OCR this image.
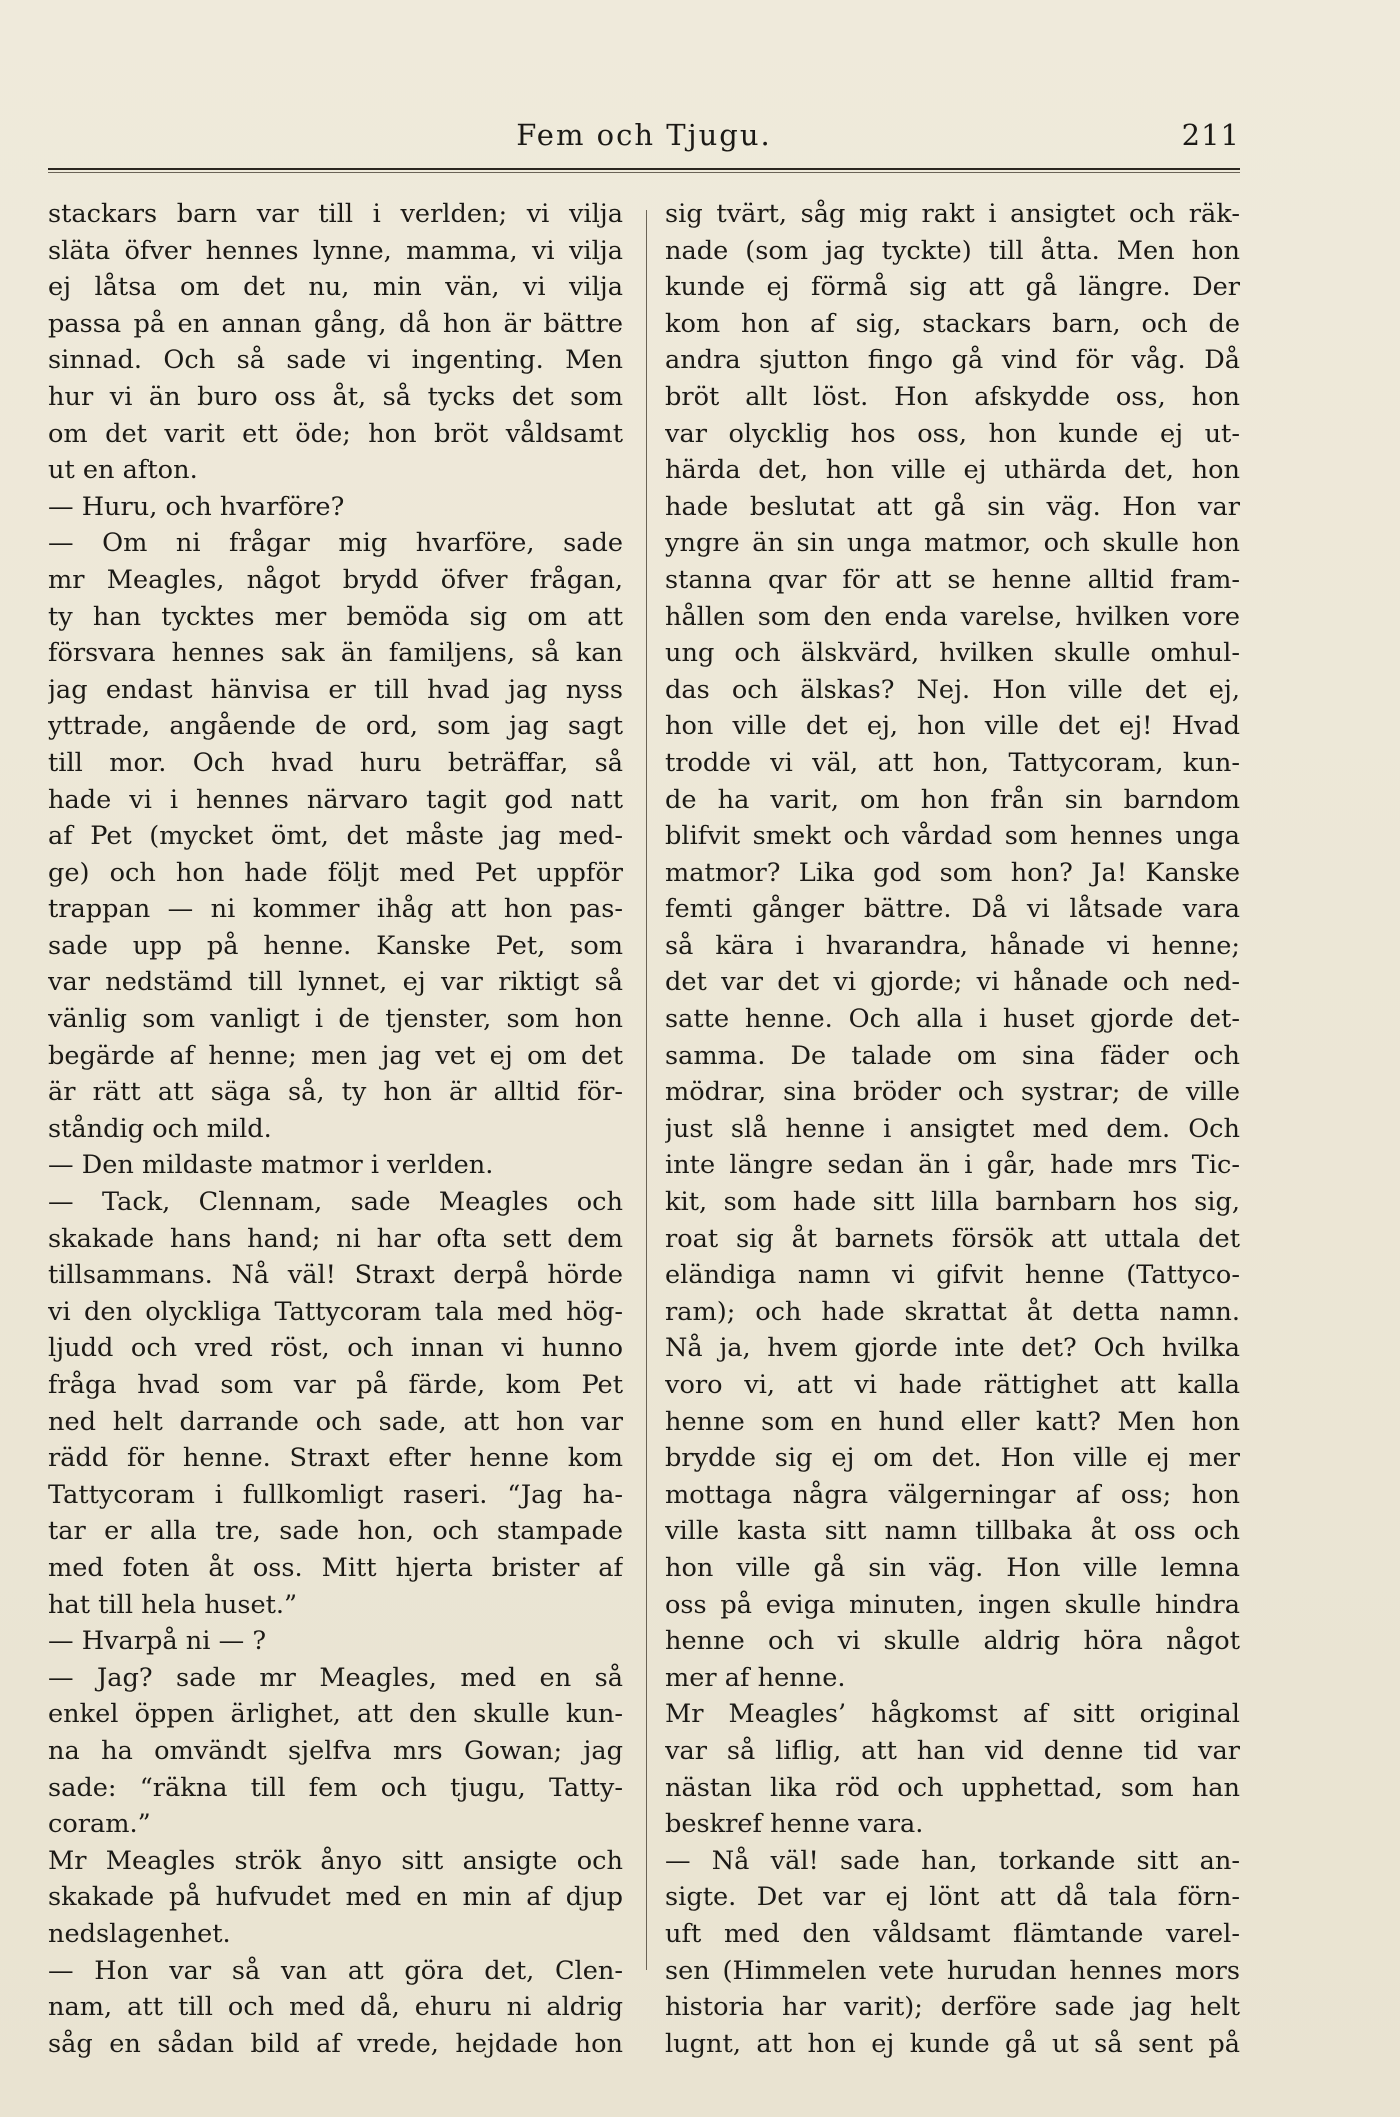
Fem och Tjugu.	211
stackars barn var till i verlden; vi vilja
släta öfver hennes lynne, mamma, vi vilja
ej låtsa om det nu, min vän, vi vilja
passa på en annan gång, då hon är bättre
sinnad. Och så sade vi ingenting. Men
hur vi än buro oss åt, så tycks det som
om det varit ett öde; hon bröt våldsamt
ut en afton.
— Huru, och hvarföre?
— Om ni frågar mig hvarföre, sade
mr Meagles, något brydd öfver frågan,
ty han tycktes mer bemöda sig om att
försvara hennes sak än familjens, så kan
jag endast hänvisa er till hvad jag nyss
yttrade, angående de ord, som jag sagt
till mor. Och hvad huru beträffar, så
hade vi i hennes närvaro tagit god natt
af Pet (mycket ömt, det måste jag med-
ge) och hon hade följt med Pet uppför
trappan — ni kommer ihåg att hon pas-
sade upp på henne. Kanske Pet, som
var nedstämd till lynnet, ej var riktigt så
vänlig som vanligt i de tjenster, som hon
begärde af henne; men jag vet ej om det
är rätt att säga så, ty hon är alltid för-
ståndig och mild.
— Den mildaste matmor i verlden.
— Tack, Clennam, sade Meagles och
skakade hans hand; ni har ofta sett dem
tillsammans. Nå väl! Straxt derpå hörde
vi den olyckliga Tattycoram tala med hög-
ljudd och vred röst, och innan vi hunno
fråga hvad som var på färde, kom Pet
ned helt darrande och sade, att hon var
rädd för henne. Straxt efter henne kom
Tattycoram i fullkomligt raseri. “Jag ha-
tar er alla tre, sade hon, och stampade
med foten åt oss. Mitt hjerta brister af
hat till hela huset.”
— Hvarpå ni — ?
— Jag? sade mr Meagles, med en så
enkel öppen ärlighet, att den skulle kun-
na ha omvändt sjelfva mrs Gowan; jag
sade: “räkna till fem och tjugu, Tatty-
coram.”
Mr Meagles strök ånyo sitt ansigte och
skakade på hufvudet med en min af djup
nedslagenhet.
— Hon var så van att göra det, Clen-
nam, att till och med då, ehuru ni aldrig
såg en sådan bild af vrede, hejdade hon
sig tvärt, såg mig rakt i ansigtet och räk-
nade (som jag tyckte) till åtta. Men hon
kunde ej förmå sig att gå längre. Der
kom hon af sig, stackars barn, och de
andra sjutton fingo gå vind för våg. Då
bröt allt löst. Hon afskydde oss, hon
var olycklig hos oss, hon kunde ej ut-
härda det, hon ville ej uthärda det, hon
hade beslutat att gå sin väg. Hon var
yngre än sin unga matmor, och skulle hon
stanna qvar för att se henne alltid fram-
hållen som den enda varelse, hvilken vore
ung och älskvärd, hvilken skulle omhul-
das och älskas? Nej. Hon ville det ej,
hon ville det ej, hon ville det ej! Hvad
trodde vi väl, att hon, Tattycoram, kun-
de ha varit, om hon från sin barndom
blifvit smekt och vårdad som hennes unga
matmor? Lika god som hon? Ja! Kanske
femti gånger bättre. Då vi låtsade vara
så kära i hvarandra, hånade vi henne;
det var det vi gjorde; vi hånade och ned-
satte henne. Och alla i huset gjorde det-
samma. De talade om sina fäder och
mödrar, sina bröder och systrar; de ville
just slå henne i ansigtet med dem. Och
inte längre sedan än i går, hade mrs Tic-
kit, som hade sitt lilla barnbarn hos sig,
roat sig åt barnets försök att uttala det
eländiga namn vi gifvit henne (Tattyco-
ram); och hade skrattat åt detta namn.
Nå ja, hvem gjorde inte det? Och hvilka
voro vi, att vi hade rättighet att kalla
henne som en hund eller katt? Men hon
brydde sig ej om det. Hon ville ej mer
mottaga några välgerningar af oss; hon
ville kasta sitt namn tillbaka åt oss och
hon ville gå sin väg. Hon ville lemna
oss på eviga minuten, ingen skulle hindra
henne och vi skulle aldrig höra något
mer af henne.
Mr Meagles’ hågkomst af sitt original
var så liflig, att han vid denne tid var
nästan lika röd och upphettad, som han
beskref henne vara.
— Nå väl! sade han, torkande sitt an-
sigte. Det var ej lönt att då tala förn-
uft med den våldsamt flämtande varel-
sen (Himmelen vete hurudan hennes mors
historia har varit); derföre sade jag helt
lugnt, att hon ej kunde gå ut så sent på
